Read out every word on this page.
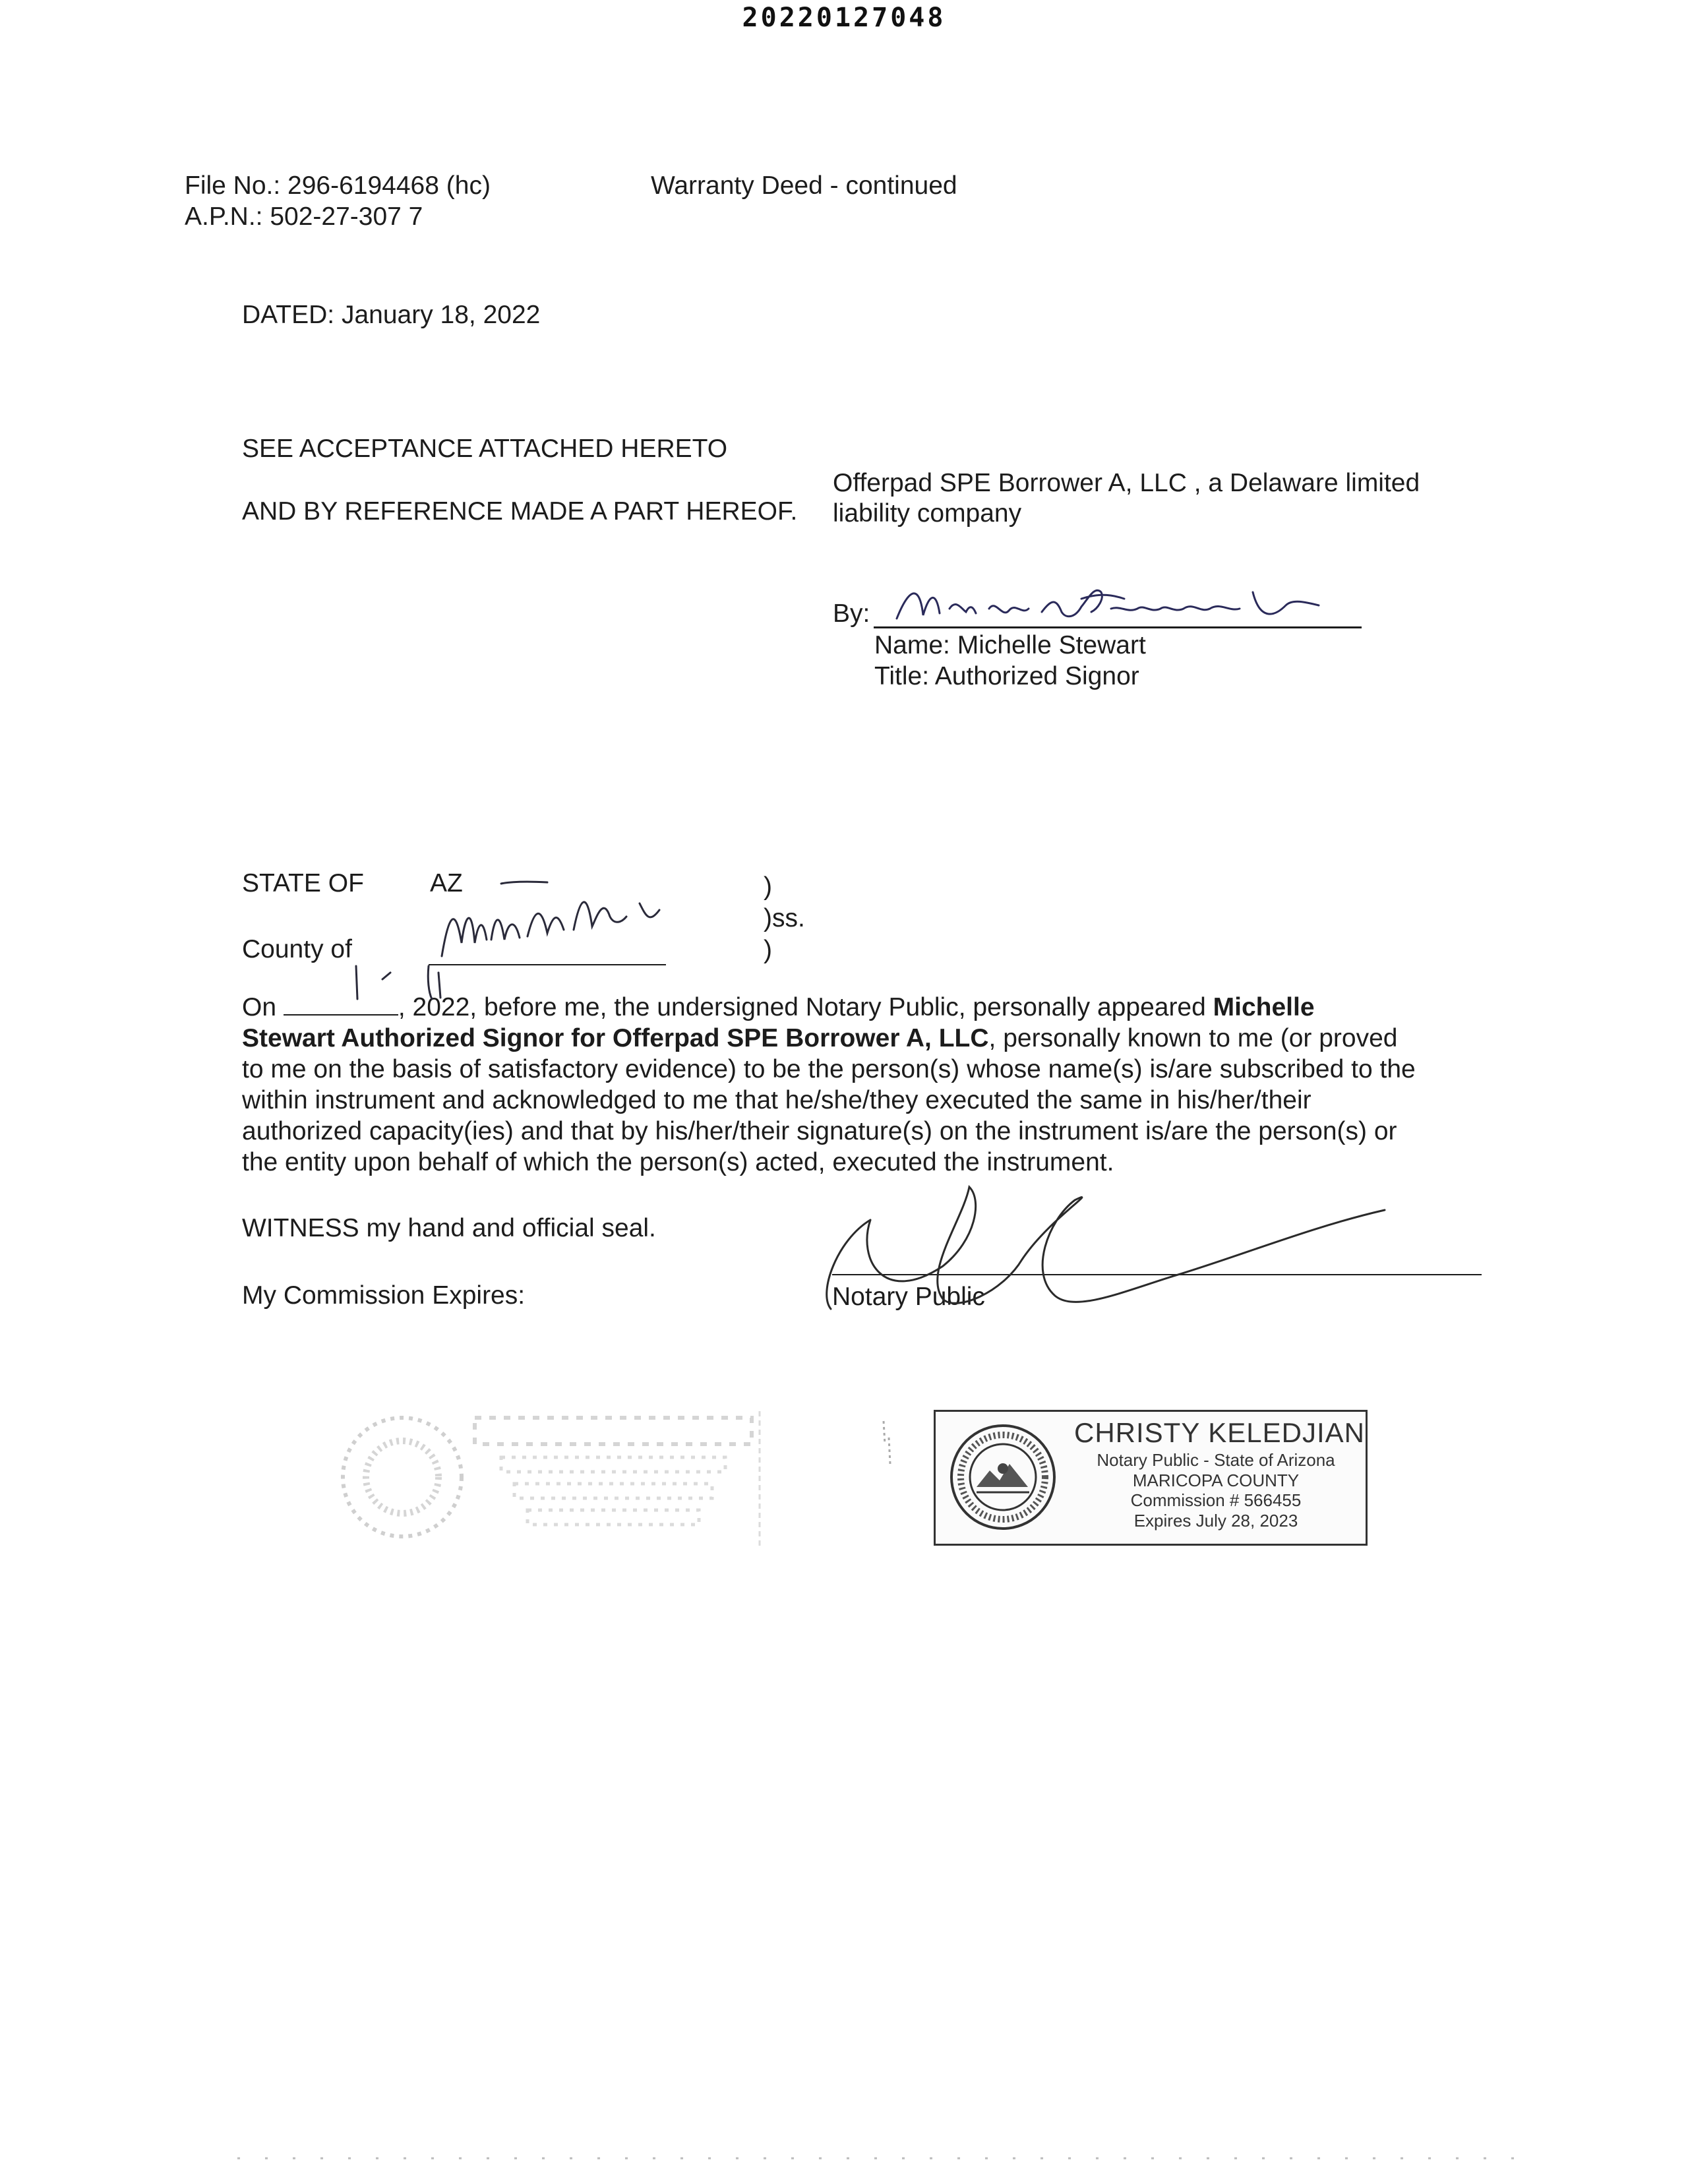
20220127048
File No.: 296-6194468 (hc)
A.P.N.: 502-27-307 7
Warranty Deed - continued
DATED: January 18, 2022
SEE ACCEPTANCE ATTACHED HERETO
AND BY REFERENCE MADE A PART HEREOF.
Offerpad SPE Borrower A, LLC , a Delaware limited
liability company
By:
Name: Michelle Stewart
Title: Authorized Signor
STATE OF	AZ
County of
)
)ss.
)
On	, 2022, before me, the undersigned Notary Public, personally appeared Michelle
Stewart Authorized Signor for Offerpad SPE Borrower A, LLC, personally known to me (or proved
to me on the basis of satisfactory evidence) to be the person(s) whose name(s) is/are subscribed to the
within instrument and acknowledged to me that he/she/they executed the same in his/her/their
authorized capacity(ies) and that by his/her/their signature(s) on the instrument is/are the person(s) or
the entity upon behalf of which the person(s) acted, executed the instrument.
WITNESS my hand and official seal.
My Commission Expires:	Notary Public
CHRISTY KELEDJIAN
Notary Public - State of Arizona
MARICOPA COUNTY
Commission # 566455
Expires July 28, 2023
